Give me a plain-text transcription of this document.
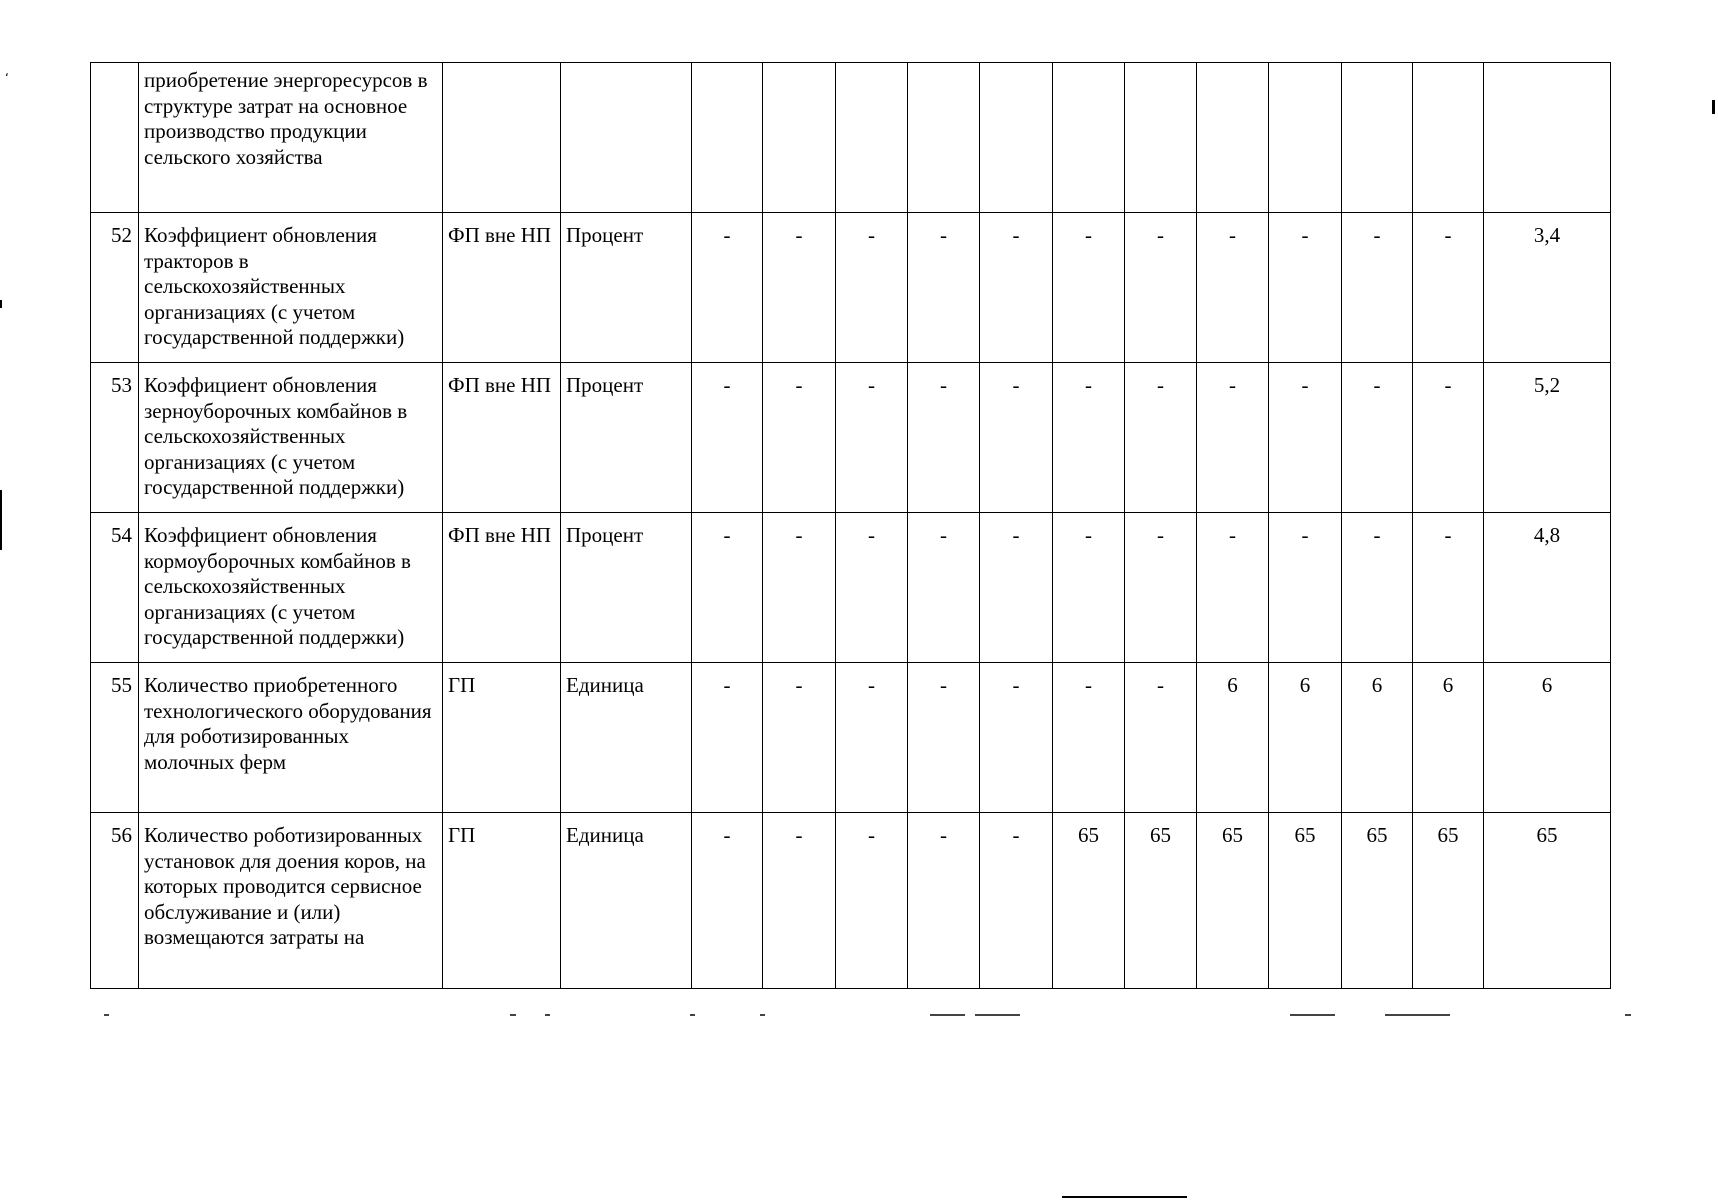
	приобретение энергоресурсов в структуре затрат на основное производство продукции сельского хозяйства														
52	Коэффициент обновления тракторов в сельскохозяйственных организациях (с учетом государственной поддержки)	ФП вне НП	Процент	-	-	-	-	-	-	-	-	-	-	-	3,4
53	Коэффициент обновления зерноуборочных комбайнов в сельскохозяйственных организациях (с учетом государственной поддержки)	ФП вне НП	Процент	-	-	-	-	-	-	-	-	-	-	-	5,2
54	Коэффициент обновления кормоуборочных комбайнов в сельскохозяйственных организациях (с учетом государственной поддержки)	ФП вне НП	Процент	-	-	-	-	-	-	-	-	-	-	-	4,8
55	Количество приобретенного технологического оборудования для роботизированных молочных ферм	ГП	Единица	-	-	-	-	-	-	-	6	6	6	6	6
56	Количество роботизированных установок для доения коров, на которых проводится сервисное обслуживание и (или) возмещаются затраты на	ГП	Единица	-	-	-	-	-	65	65	65	65	65	65	65
‘
